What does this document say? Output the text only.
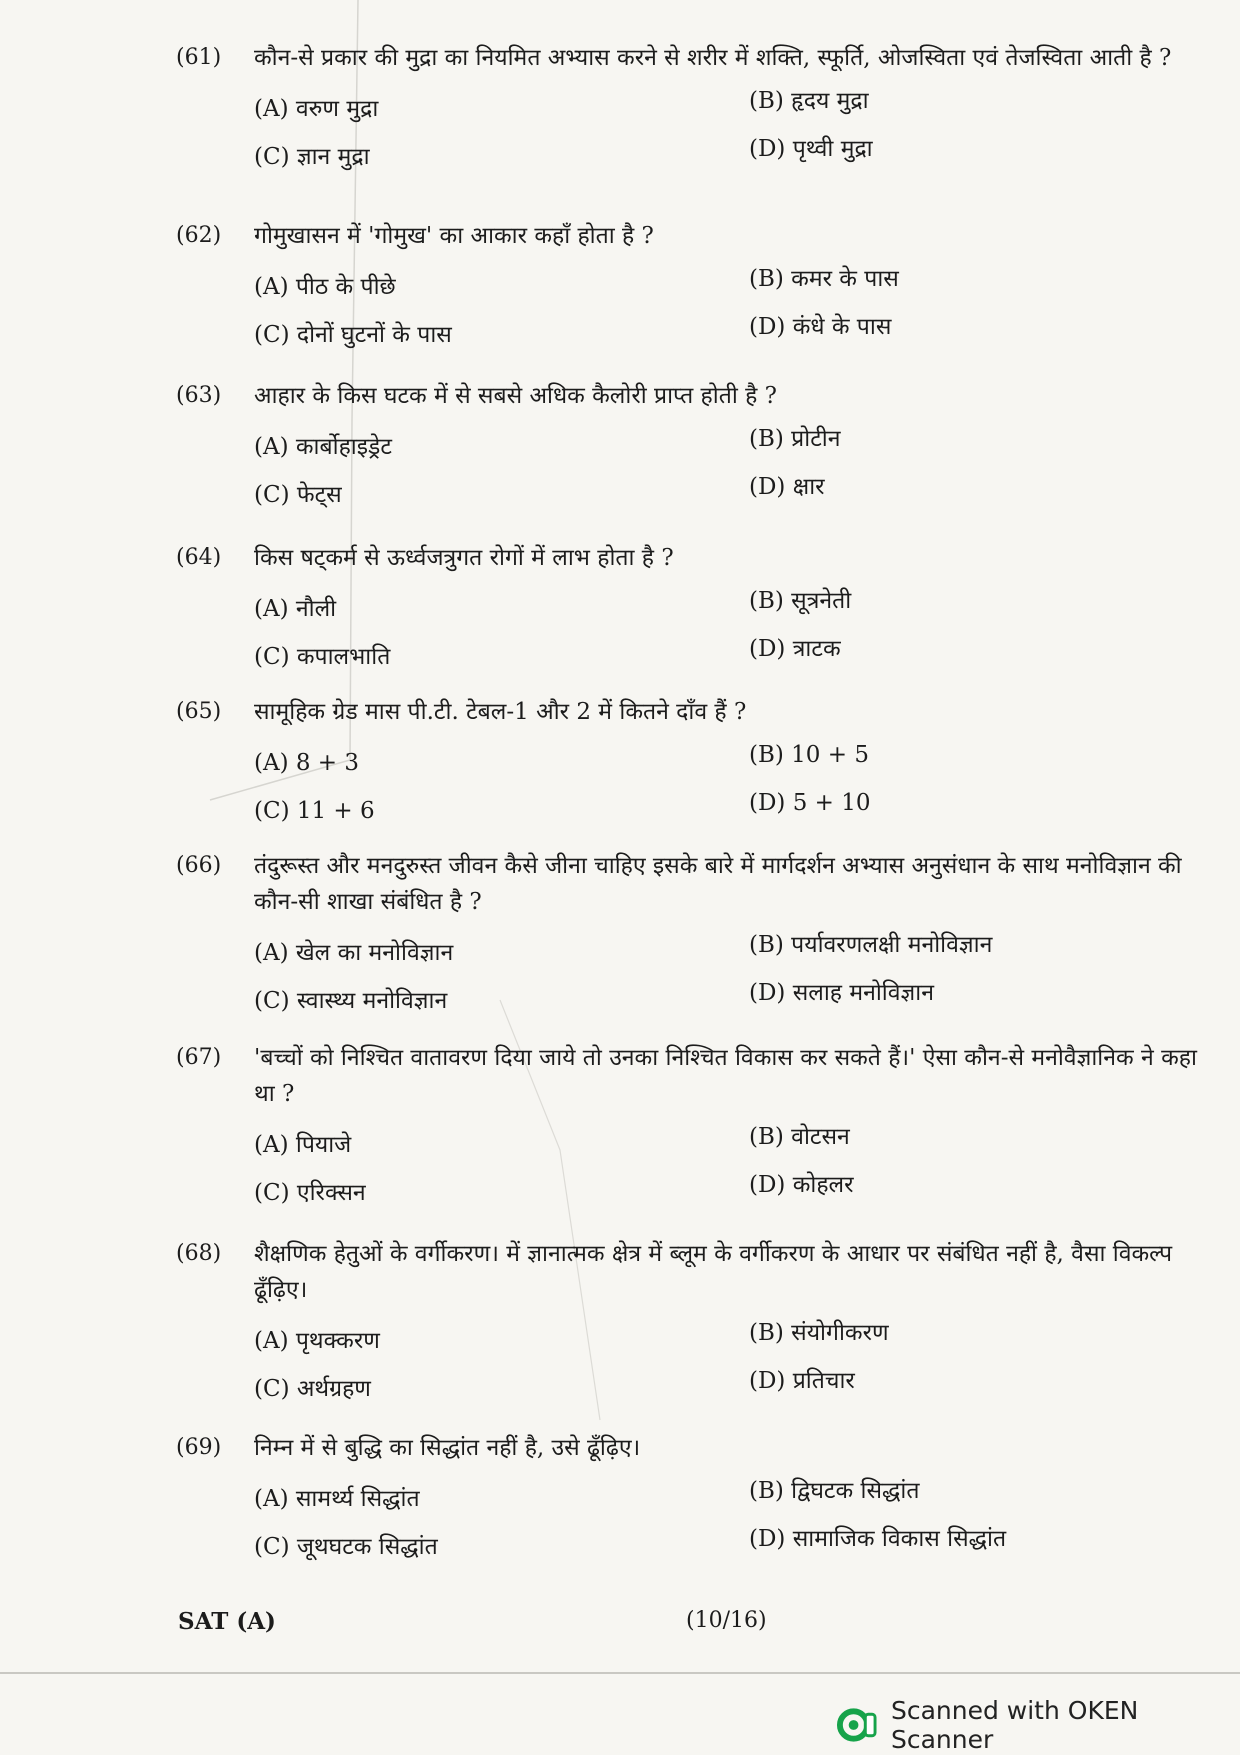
(61)	कौन-से प्रकार की मुद्रा का नियमित अभ्यास करने से शरीर में शक्ति, स्फूर्ति, ओजस्विता एवं तेजस्विता आती है ?
(A) वरुण मुद्रा	(B) हृदय मुद्रा
(C) ज्ञान मुद्रा	(D) पृथ्वी मुद्रा
(62)	गोमुखासन में 'गोमुख' का आकार कहाँ होता है ?
(A) पीठ के पीछे	(B) कमर के पास
(C) दोनों घुटनों के पास	(D) कंधे के पास
(63)	आहार के किस घटक में से सबसे अधिक कैलोरी प्राप्त होती है ?
(A) कार्बोहाइड्रेट	(B) प्रोटीन
(C) फेट्स	(D) क्षार
(64)	किस षट्कर्म से ऊर्ध्वजत्रुगत रोगों में लाभ होता है ?
(A) नौली	(B) सूत्रनेती
(C) कपालभाति	(D) त्राटक
(65)	सामूहिक ग्रेड मास पी.टी. टेबल-1 और 2 में कितने दाँव हैं ?
(A) 8 + 3	(B) 10 + 5
(C) 11 + 6	(D) 5 + 10
(66)	तंदुरूस्त और मनदुरुस्त जीवन कैसे जीना चाहिए इसके बारे में मार्गदर्शन अभ्यास अनुसंधान के साथ मनोविज्ञान की कौन-सी शाखा संबंधित है ?
(A) खेल का मनोविज्ञान	(B) पर्यावरणलक्षी मनोविज्ञान
(C) स्वास्थ्य मनोविज्ञान	(D) सलाह मनोविज्ञान
(67)	'बच्चों को निश्चित वातावरण दिया जाये तो उनका निश्चित विकास कर सकते हैं।' ऐसा कौन-से मनोवैज्ञानिक ने कहा था ?
(A) पियाजे	(B) वोटसन
(C) एरिक्सन	(D) कोहलर
(68)	शैक्षणिक हेतुओं के वर्गीकरण। में ज्ञानात्मक क्षेत्र में ब्लूम के वर्गीकरण के आधार पर संबंधित नहीं है, वैसा विकल्प ढूँढ़िए।
(A) पृथक्करण	(B) संयोगीकरण
(C) अर्थग्रहण	(D) प्रतिचार
(69)	निम्न में से बुद्धि का सिद्धांत नहीं है, उसे ढूँढ़िए।
(A) सामर्थ्य सिद्धांत	(B) द्विघटक सिद्धांत
(C) जूथघटक सिद्धांत	(D) सामाजिक विकास सिद्धांत
SAT (A)	(10/16)
Scanned with OKEN Scanner
